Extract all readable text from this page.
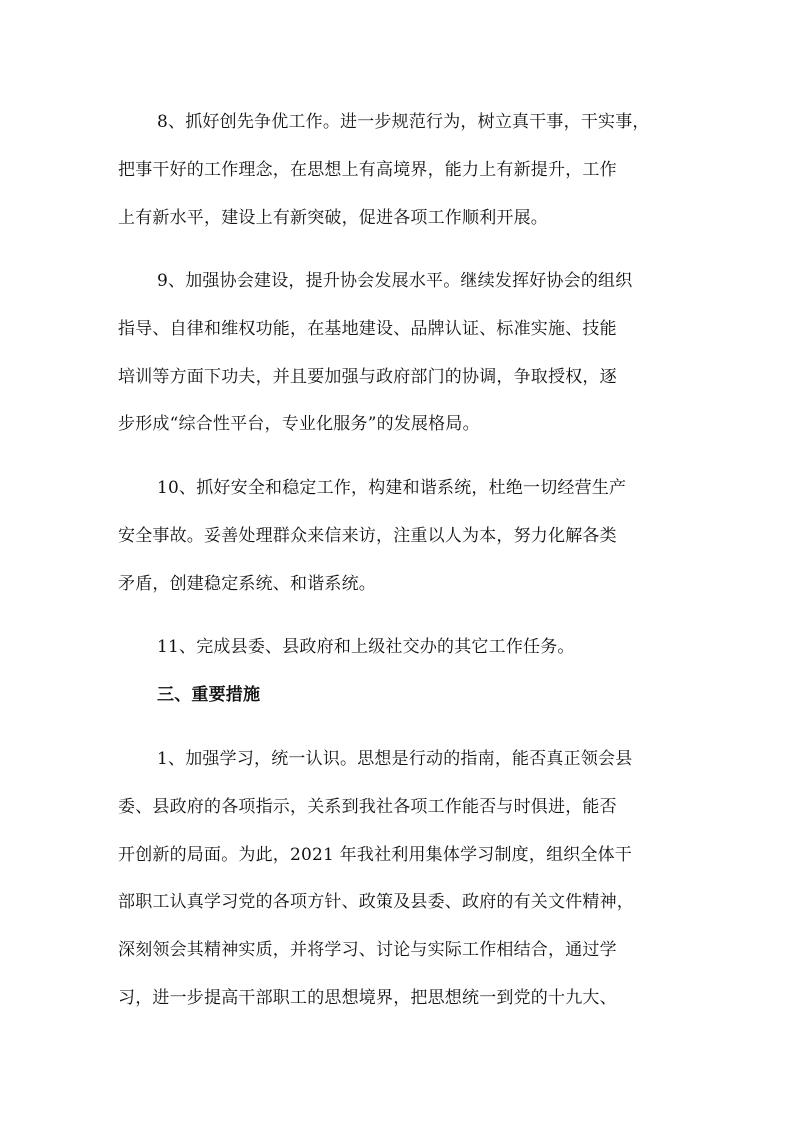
8、抓好创先争优工作。进一步规范行为，树立真干事，干实事，
把事干好的工作理念，在思想上有高境界，能力上有新提升，工作
上有新水平，建设上有新突破，促进各项工作顺利开展。
9、加强协会建设，提升协会发展水平。继续发挥好协会的组织
指导、自律和维权功能，在基地建设、品牌认证、标准实施、技能
培训等方面下功夫，并且要加强与政府部门的协调，争取授权，逐
步形成“综合性平台，专业化服务”的发展格局。
10、抓好安全和稳定工作，构建和谐系统，杜绝一切经营生产
安全事故。妥善处理群众来信来访，注重以人为本，努力化解各类
矛盾，创建稳定系统、和谐系统。
11、完成县委、县政府和上级社交办的其它工作任务。
三、重要措施
1、加强学习，统一认识。思想是行动的指南，能否真正领会县
委、县政府的各项指示，关系到我社各项工作能否与时俱进，能否
开创新的局面。为此，2021 年我社利用集体学习制度，组织全体干
部职工认真学习党的各项方针、政策及县委、政府的有关文件精神，
深刻领会其精神实质，并将学习、讨论与实际工作相结合，通过学
习，进一步提高干部职工的思想境界，把思想统一到党的十九大、
